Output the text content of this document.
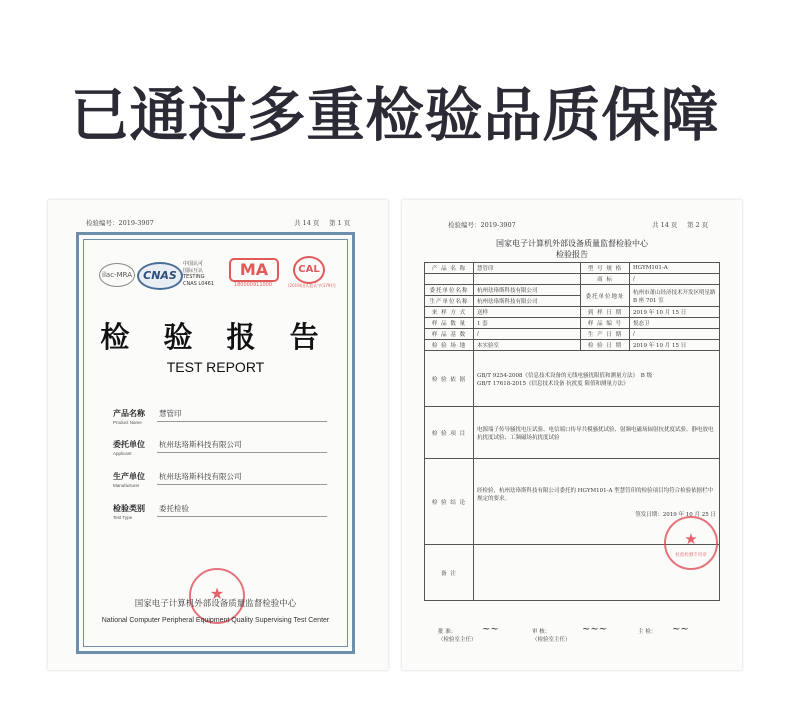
已通过多重检验品质保障
检验编号：2019-3907	共 14 页 第 1 页
ilac-MRA	CNAS
中国认可
国际互认
TESTING
CNAS L0461
MA
180000911000
CAL
(2019)国认监认字(179)号
检 验 报 告
TEST REPORT
产品名称
Product Name
慧管印
委托单位
Applicant
杭州珐珞斯科技有限公司
生产单位
Manufacturer
杭州珐珞斯科技有限公司
检验类别
Test Type
委托检验
★
国家电子计算机外部设备质量监督检验中心
National Computer Peripheral Equipment Quality Supervising Test Center
检验编号：2019-3907	共 14 页 第 2 页
国家电子计算机外部设备质量监督检验中心
检验报告
产 品 名 称	慧管印	型 号 规 格	HGYM101-A
		商 标	/
委托单位名称	杭州珐珞斯科技有限公司	委托单位地址	杭州市萧山经济技术开发区明星路 B 座 701 室
生产单位名称	杭州珐珞斯科技有限公司		
来 样 方 式	送样	到 样 日 期	2019 年 10 月 15 日
样 品 数 量	1 套	样 品 编 号	悦态卫
样 品 基 数	/	生 产 日 期	/
检 验 场 地	本实验室	检 验 日 期	2019 年 10 月 15 日
检 验 依 据	GB/T 9254-2008《信息技术设备的无线电骚扰限值和测量方法》　B 级
GB/T 17618-2015《信息技术设备 抗扰度 限值和测量方法》		

检 验 项 目	电源端子传导骚扰电压试验、电信端口传导共模骚扰试验、射频电磁场辐射抗扰度试验、静电放电抗扰度试验、工频磁场抗扰度试验		
检 验 结 论	经检验，杭州珐珞斯科技有限公司委托的 HGYM101-A 型慧管印的检验项目均符合检验依据栏中规定的要求。
签发日期：2019 年 10 月 25 日		

备 注			
★
检验检测专用章
批 准：
（检验室主任）
~~	审 核：
（检验室主任）
~~~	主 检： ~~
